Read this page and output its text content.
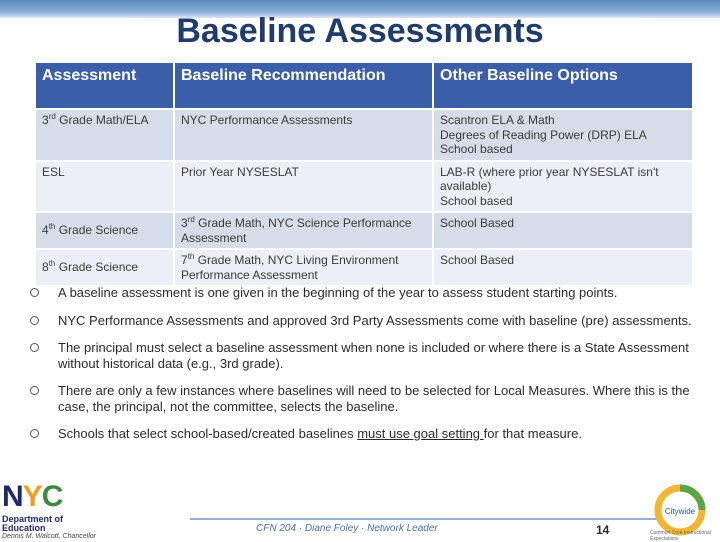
Baseline Assessments
Assessment	Baseline Recommendation	Other Baseline Options
3rd Grade Math/ELA	NYC Performance Assessments	Scantron ELA & Math
Degrees of Reading Power (DRP) ELA
School based

ESL	Prior Year NYSESLAT	LAB-R (where prior year NYSESLAT isn't available)
School based

4th Grade Science	3rd Grade Math, NYC Science Performance Assessment	School Based
8th Grade Science	7th Grade Math, NYC Living Environment Performance Assessment	School Based
A baseline assessment is one given in the beginning of the year to assess student starting points.
NYC Performance Assessments and approved 3rd Party Assessments come with baseline (pre) assessments.
The principal must select a baseline assessment when none is included or where there is a State Assessment without historical data (e.g., 3rd grade).
There are only a few instances where baselines will need to be selected for Local Measures. Where this is the case, the principal, not the committee, selects the baseline.
Schools that select school-based/created baselines must use goal setting for that measure.
NYC
Department of
Education
Dennis M. Walcott, Chancellor
CFN 204 · Diane Foley · Network Leader	14
Citywide
Common Core Instructional Expectations
